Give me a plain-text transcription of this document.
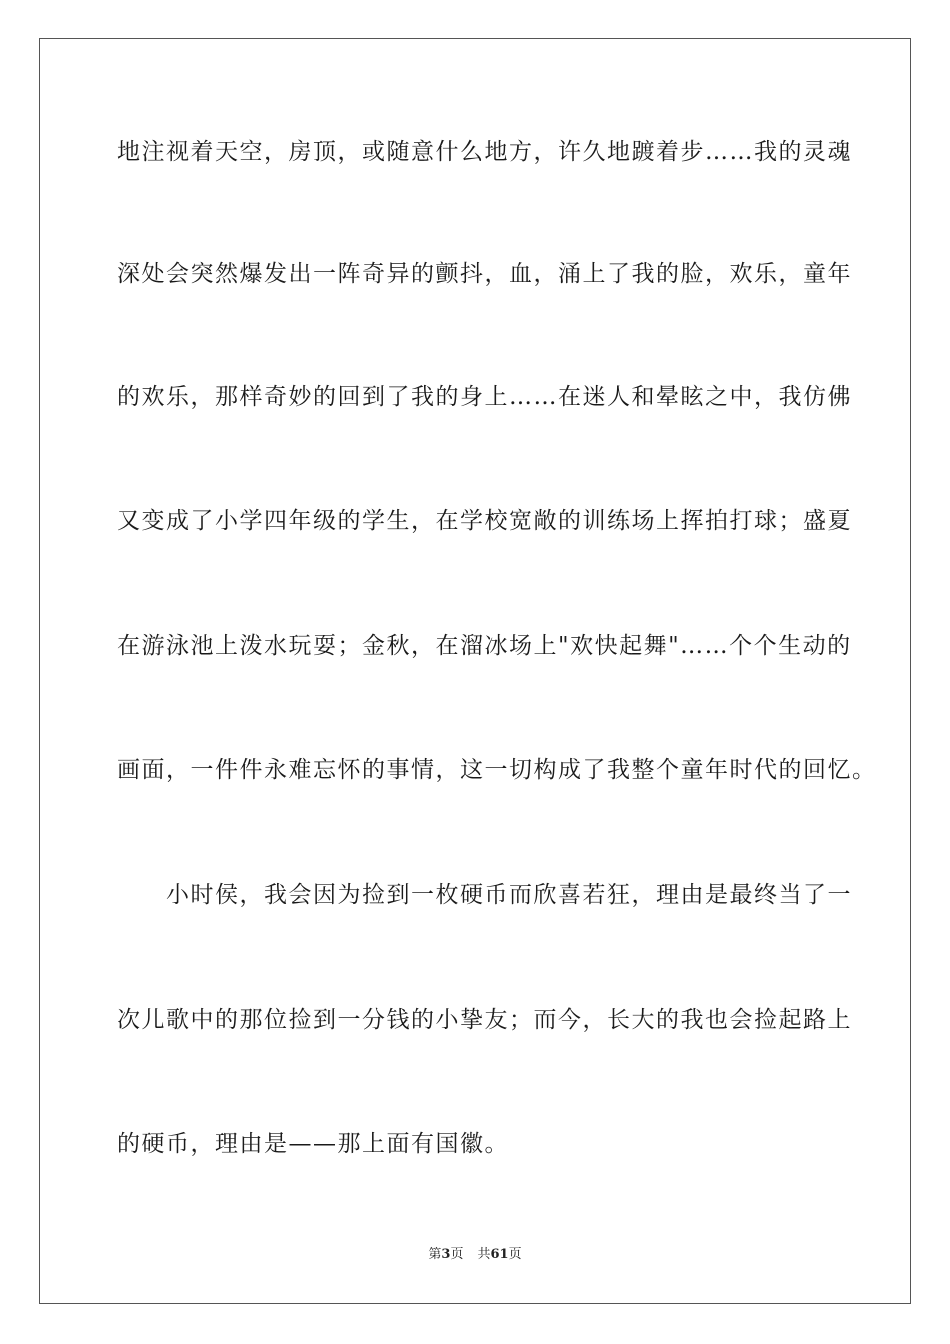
地注视着天空，房顶，或随意什么地方，许久地踱着步……我的灵魂
深处会突然爆发出一阵奇异的颤抖，血，涌上了我的脸，欢乐，童年
的欢乐，那样奇妙的回到了我的身上……在迷人和晕眩之中，我仿佛
又变成了小学四年级的学生，在学校宽敞的训练场上挥拍打球；盛夏
在游泳池上泼水玩耍；金秋，在溜冰场上"欢快起舞"……个个生动的
画面，一件件永难忘怀的事情，这一切构成了我整个童年时代的回忆。
　　小时侯，我会因为捡到一枚硬币而欣喜若狂，理由是最终当了一
次儿歌中的那位捡到一分钱的小挚友；而今，长大的我也会捡起路上
的硬币，理由是——那上面有国徽。
第3页 共61页
